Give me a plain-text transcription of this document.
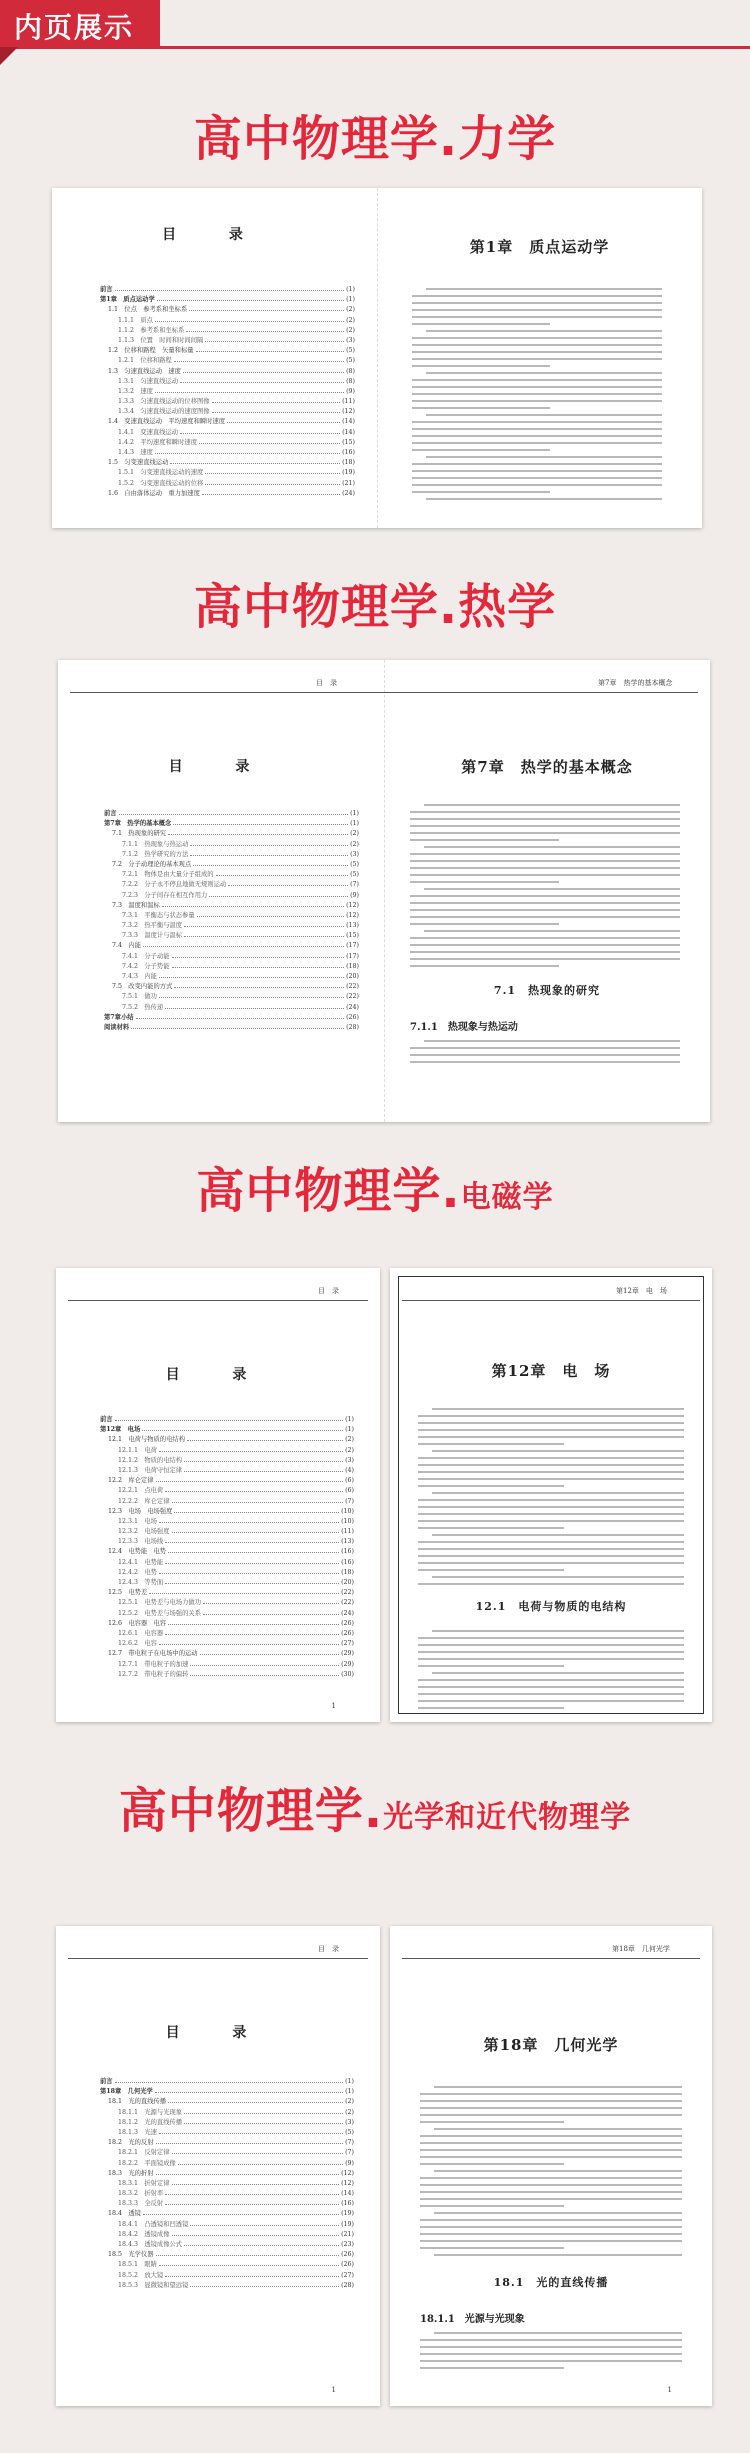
内页展示
高中物理学.力学
目 录
前言	(1)
第1章　质点运动学	(1)
1.1　位点　参考系和坐标系	(2)
1.1.1　质点	(2)
1.1.2　参考系和坐标系	(2)
1.1.3　位置　时间和时间间隔	(3)
1.2　位移和路程　矢量和标量	(5)
1.2.1　位移和路程	(5)
1.3　匀速直线运动　速度	(8)
1.3.1　匀速直线运动	(8)
1.3.2　速度	(9)
1.3.3　匀速直线运动的位移图像	(11)
1.3.4　匀速直线运动的速度图像	(12)
1.4　变速直线运动　平均速度和瞬时速度	(14)
1.4.1　变速直线运动	(14)
1.4.2　平均速度和瞬时速度	(15)
1.4.3　速度	(16)
1.5　匀变速直线运动	(18)
1.5.1　匀变速直线运动的速度	(19)
1.5.2　匀变速直线运动的位移	(21)
1.6　自由落体运动　重力加速度	(24)
第1章　质点运动学
高中物理学.热学
目　录	第7章　热学的基本概念
目 录
前言	(1)
第7章　热学的基本概念	(1)
7.1　热现象的研究	(2)
7.1.1　热现象与热运动	(2)
7.1.2　热学研究的方法	(3)
7.2　分子动理论的基本观点	(5)
7.2.1　物体是由大量分子组成的	(5)
7.2.2　分子永不停息地做无规则运动	(7)
7.2.3　分子间存在相互作用力	(9)
7.3　温度和温标	(12)
7.3.1　平衡态与状态参量	(12)
7.3.2　热平衡与温度	(13)
7.3.3　温度计与温标	(15)
7.4　内能	(17)
7.4.1　分子动能	(17)
7.4.2　分子势能	(18)
7.4.3　内能	(20)
7.5　改变内能的方式	(22)
7.5.1　做功	(22)
7.5.2　热传递	(24)
第7章小结	(26)
阅读材料	(28)
第7章　热学的基本概念
7.1　热现象的研究
7.1.1　热现象与热运动
高中物理学.电磁学
目　录
目 录
前言	(1)
第12章　电场	(1)
12.1　电荷与物质的电结构	(2)
12.1.1　电荷	(2)
12.1.2　物质的电结构	(3)
12.1.3　电荷守恒定律	(4)
12.2　库仑定律	(6)
12.2.1　点电荷	(6)
12.2.2　库仑定律	(7)
12.3　电场　电场强度	(10)
12.3.1　电场	(10)
12.3.2　电场强度	(11)
12.3.3　电场线	(13)
12.4　电势能　电势	(16)
12.4.1　电势能	(16)
12.4.2　电势	(18)
12.4.3　等势面	(20)
12.5　电势差	(22)
12.5.1　电势差与电场力做功	(22)
12.5.2　电势差与场强的关系	(24)
12.6　电容器　电容	(26)
12.6.1　电容器	(26)
12.6.2　电容	(27)
12.7　带电粒子在电场中的运动	(29)
12.7.1　带电粒子的加速	(29)
12.7.2　带电粒子的偏转	(30)
1
第12章　电　场
第12章　电　场
12.1　电荷与物质的电结构
高中物理学.光学和近代物理学
目　录
目 录
前言	(1)
第18章　几何光学	(1)
18.1　光的直线传播	(2)
18.1.1　光源与光现象	(2)
18.1.2　光的直线传播	(3)
18.1.3　光速	(5)
18.2　光的反射	(7)
18.2.1　反射定律	(7)
18.2.2　平面镜成像	(9)
18.3　光的折射	(12)
18.3.1　折射定律	(12)
18.3.2　折射率	(14)
18.3.3　全反射	(16)
18.4　透镜	(19)
18.4.1　凸透镜和凹透镜	(19)
18.4.2　透镜成像	(21)
18.4.3　透镜成像公式	(23)
18.5　光学仪器	(26)
18.5.1　眼睛	(26)
18.5.2　放大镜	(27)
18.5.3　显微镜和望远镜	(28)
1
第18章　几何光学
第18章　几何光学
18.1　光的直线传播
18.1.1　光源与光现象
1
